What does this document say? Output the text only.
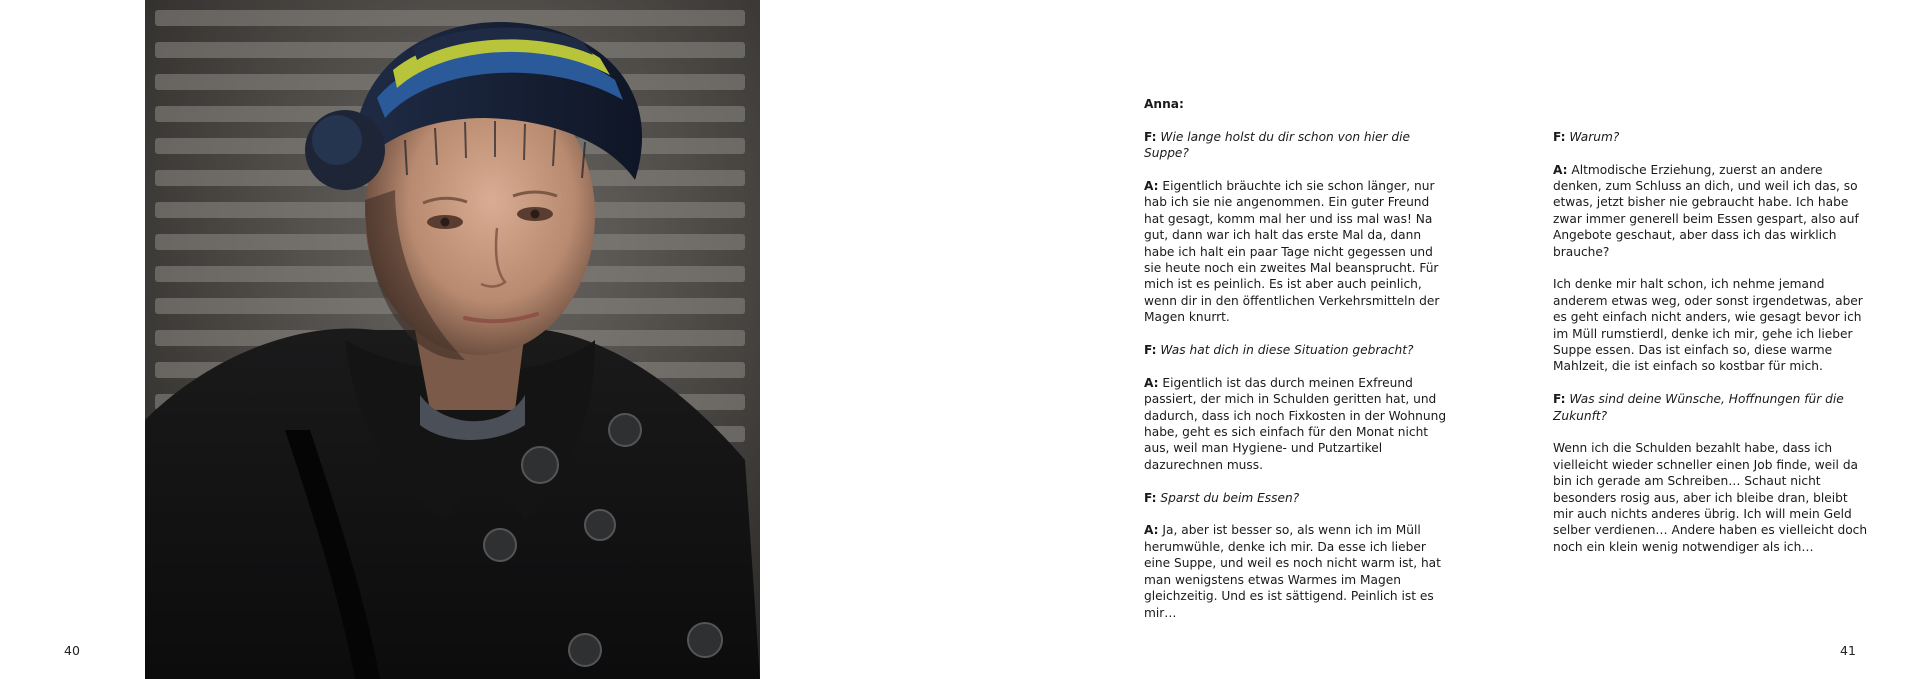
40	41

Anna:

F: Wie lange holst du dir schon von hier die Suppe?

A: Eigentlich bräuchte ich sie schon länger, nur hab ich sie nie angenommen. Ein guter Freund hat gesagt, komm mal her und iss mal was! Na gut, dann war ich halt das erste Mal da, dann habe ich halt ein paar Tage nicht gegessen und sie heute noch ein zweites Mal beansprucht. Für mich ist es peinlich. Es ist aber auch peinlich, wenn dir in den öffentlichen Verkehrsmitteln der Magen knurrt.

F: Was hat dich in diese Situation gebracht?

A: Eigentlich ist das durch meinen Exfreund passiert, der mich in Schulden geritten hat, und dadurch, dass ich noch Fixkosten in der Wohnung habe, geht es sich einfach für den Monat nicht aus, weil man Hygiene- und Putzartikel dazurechnen muss.

F: Sparst du beim Essen?

A: Ja, aber ist besser so, als wenn ich im Müll herumwühle, denke ich mir. Da esse ich lieber eine Suppe, und weil es noch nicht warm ist, hat man wenigstens etwas Warmes im Magen gleichzeitig. Und es ist sättigend. Peinlich ist es mir…

F: Warum?

A: Altmodische Erziehung, zuerst an andere denken, zum Schluss an dich, und weil ich das, so etwas, jetzt bisher nie gebraucht habe. Ich habe zwar immer generell beim Essen gespart, also auf Angebote geschaut, aber dass ich das wirklich brauche?

Ich denke mir halt schon, ich nehme jemand anderem etwas weg, oder sonst irgendetwas, aber es geht einfach nicht anders, wie gesagt bevor ich im Müll rumstierdl, denke ich mir, gehe ich lieber Suppe essen. Das ist einfach so, diese warme Mahlzeit, die ist einfach so kostbar für mich.

F: Was sind deine Wünsche, Hoffnungen für die Zukunft?

Wenn ich die Schulden bezahlt habe, dass ich vielleicht wieder schneller einen Job finde, weil da bin ich gerade am Schreiben… Schaut nicht besonders rosig aus, aber ich bleibe dran, bleibt mir auch nichts anderes übrig. Ich will mein Geld selber verdienen… Andere haben es vielleicht doch noch ein klein wenig notwendiger als ich…
